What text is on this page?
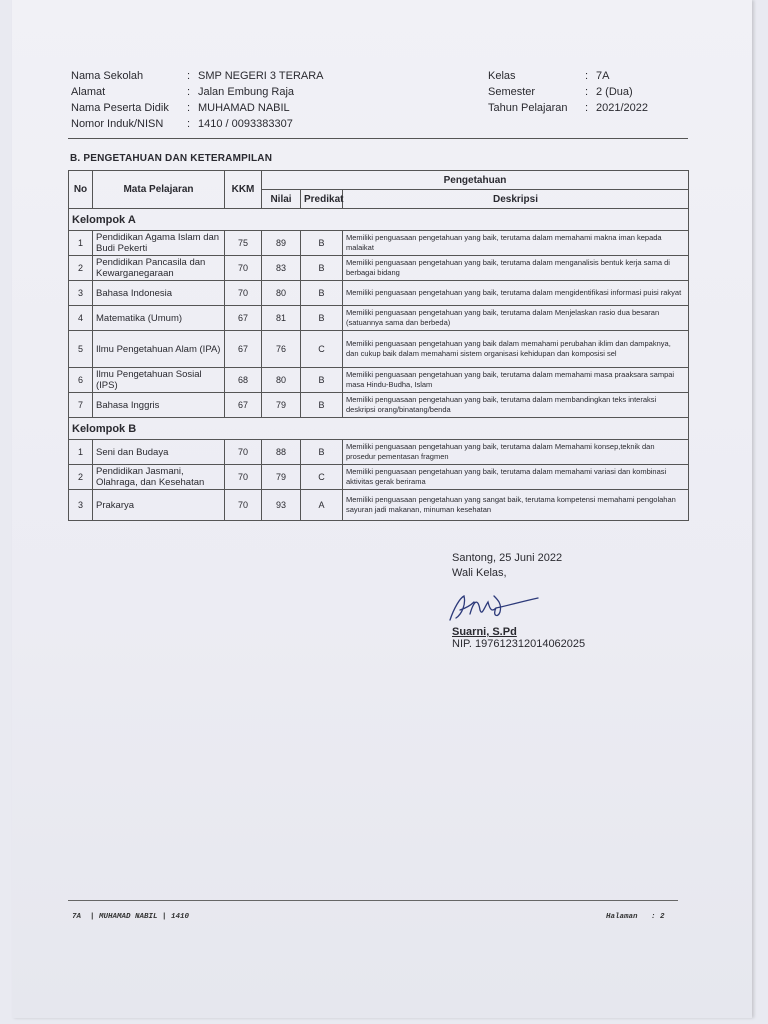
Nama Sekolah	: SMP NEGERI 3 TERARA
Alamat	: Jalan Embung Raja
Nama Peserta Didik	: MUHAMAD NABIL
Nomor Induk/NISN	: 1410 / 0093383307
Kelas	: 7A
Semester	: 2 (Dua)
Tahun Pelajaran	: 2021/2022
B. PENGETAHUAN DAN KETERAMPILAN
No	Mata Pelajaran	KKM	Pengetahuan		
			Nilai	Predikat	Deskripsi
Kelompok A					
1	Pendidikan Agama Islam dan Budi Pekerti	75	89	B	Memiliki penguasaan pengetahuan yang baik, terutama dalam memahami makna iman kepada malaikat
2	Pendidikan Pancasila dan Kewarganegaraan	70	83	B	Memiliki penguasaan pengetahuan yang baik, terutama dalam menganalisis bentuk kerja sama di berbagai bidang
3	Bahasa Indonesia	70	80	B	Memiliki penguasaan pengetahuan yang baik, terutama dalam mengidentifikasi informasi puisi rakyat
4	Matematika (Umum)	67	81	B	Memiliki penguasaan pengetahuan yang baik, terutama dalam Menjelaskan rasio dua besaran (satuannya sama dan berbeda)
5	Ilmu Pengetahuan Alam (IPA)	67	76	C	Memiliki penguasaan pengetahuan yang baik dalam memahami perubahan iklim dan dampaknya, dan cukup baik dalam memahami sistem organisasi kehidupan dan komposisi sel
6	Ilmu Pengetahuan Sosial (IPS)	68	80	B	Memiliki penguasaan pengetahuan yang baik, terutama dalam memahami masa praaksara sampai masa Hindu-Budha, Islam
7	Bahasa Inggris	67	79	B	Memiliki penguasaan pengetahuan yang baik, terutama dalam membandingkan teks interaksi deskripsi orang/binatang/benda
Kelompok B					
1	Seni dan Budaya	70	88	B	Memiliki penguasaan pengetahuan yang baik, terutama dalam Memahami konsep,teknik dan prosedur pementasan fragmen
2	Pendidikan Jasmani, Olahraga, dan Kesehatan	70	79	C	Memiliki penguasaan pengetahuan yang baik, terutama dalam memahami variasi dan kombinasi aktivitas gerak berirama
3	Prakarya	70	93	A	Memiliki penguasaan pengetahuan yang sangat baik, terutama kompetensi memahami pengolahan sayuran jadi makanan, minuman kesehatan
Santong, 25 Juni 2022
Wali Kelas,
Suarni, S.Pd
NIP. 197612312014062025
7A  | MUHAMAD NABIL | 1410	Halaman   : 2
